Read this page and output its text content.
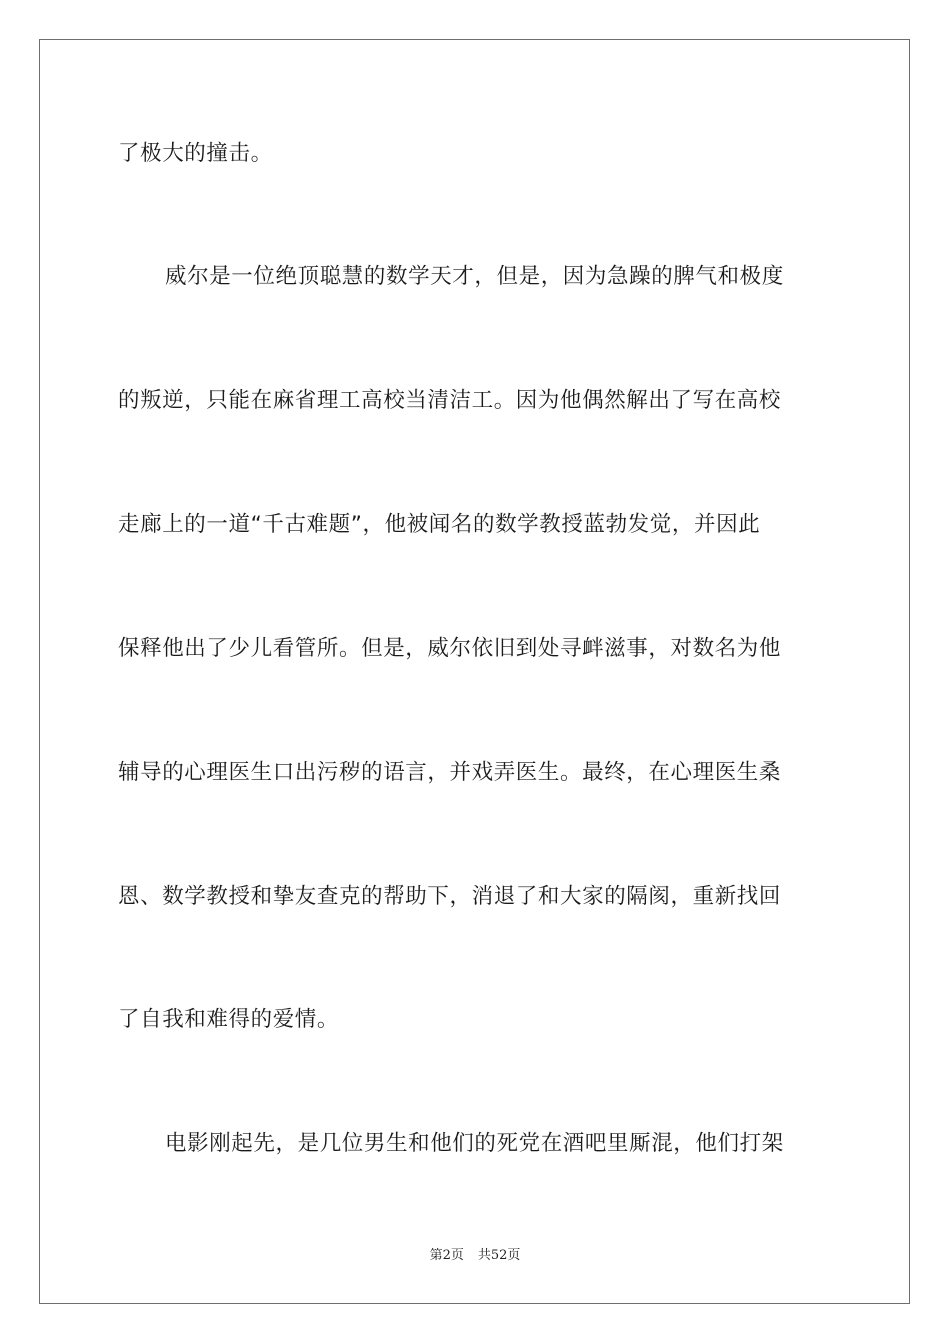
了极大的撞击。
威尔是一位绝顶聪慧的数学天才，但是，因为急躁的脾气和极度
的叛逆，只能在麻省理工高校当清洁工。因为他偶然解出了写在高校
走廊上的一道“千古难题”，他被闻名的数学教授蓝勃发觉，并因此
保释他出了少儿看管所。但是，威尔依旧到处寻衅滋事，对数名为他
辅导的心理医生口出污秽的语言，并戏弄医生。最终，在心理医生桑
恩、数学教授和挚友查克的帮助下，消退了和大家的隔阂，重新找回
了自我和难得的爱情。
电影刚起先，是几位男生和他们的死党在酒吧里厮混，他们打架
第2页 共52页
